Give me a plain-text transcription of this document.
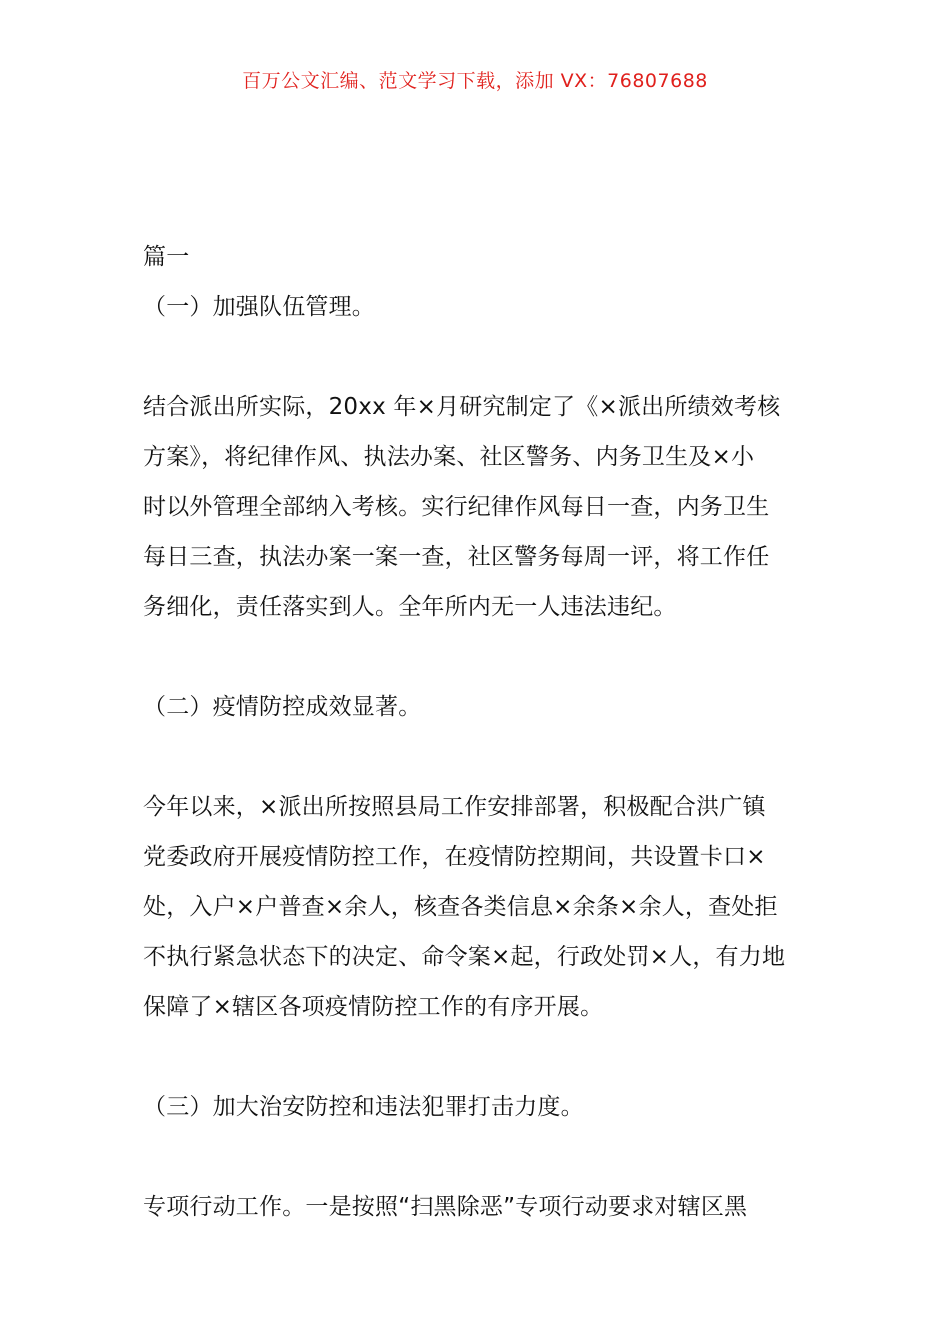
百万公文汇编、范文学习下载，添加 VX：76807688
篇一
（一）加强队伍管理。
结合派出所实际，20xx 年×月研究制定了《×派出所绩效考核
方案》，将纪律作风、执法办案、社区警务、内务卫生及×小
时以外管理全部纳入考核。实行纪律作风每日一查，内务卫生
每日三查，执法办案一案一查，社区警务每周一评，将工作任
务细化，责任落实到人。全年所内无一人违法违纪。
（二）疫情防控成效显著。
今年以来，×派出所按照县局工作安排部署，积极配合洪广镇
党委政府开展疫情防控工作，在疫情防控期间，共设置卡口×
处，入户×户普查×余人，核查各类信息×余条×余人，查处拒
不执行紧急状态下的决定、命令案×起，行政处罚×人，有力地
保障了×辖区各项疫情防控工作的有序开展。
（三）加大治安防控和违法犯罪打击力度。
专项行动工作。一是按照“扫黑除恶”专项行动要求对辖区黑
